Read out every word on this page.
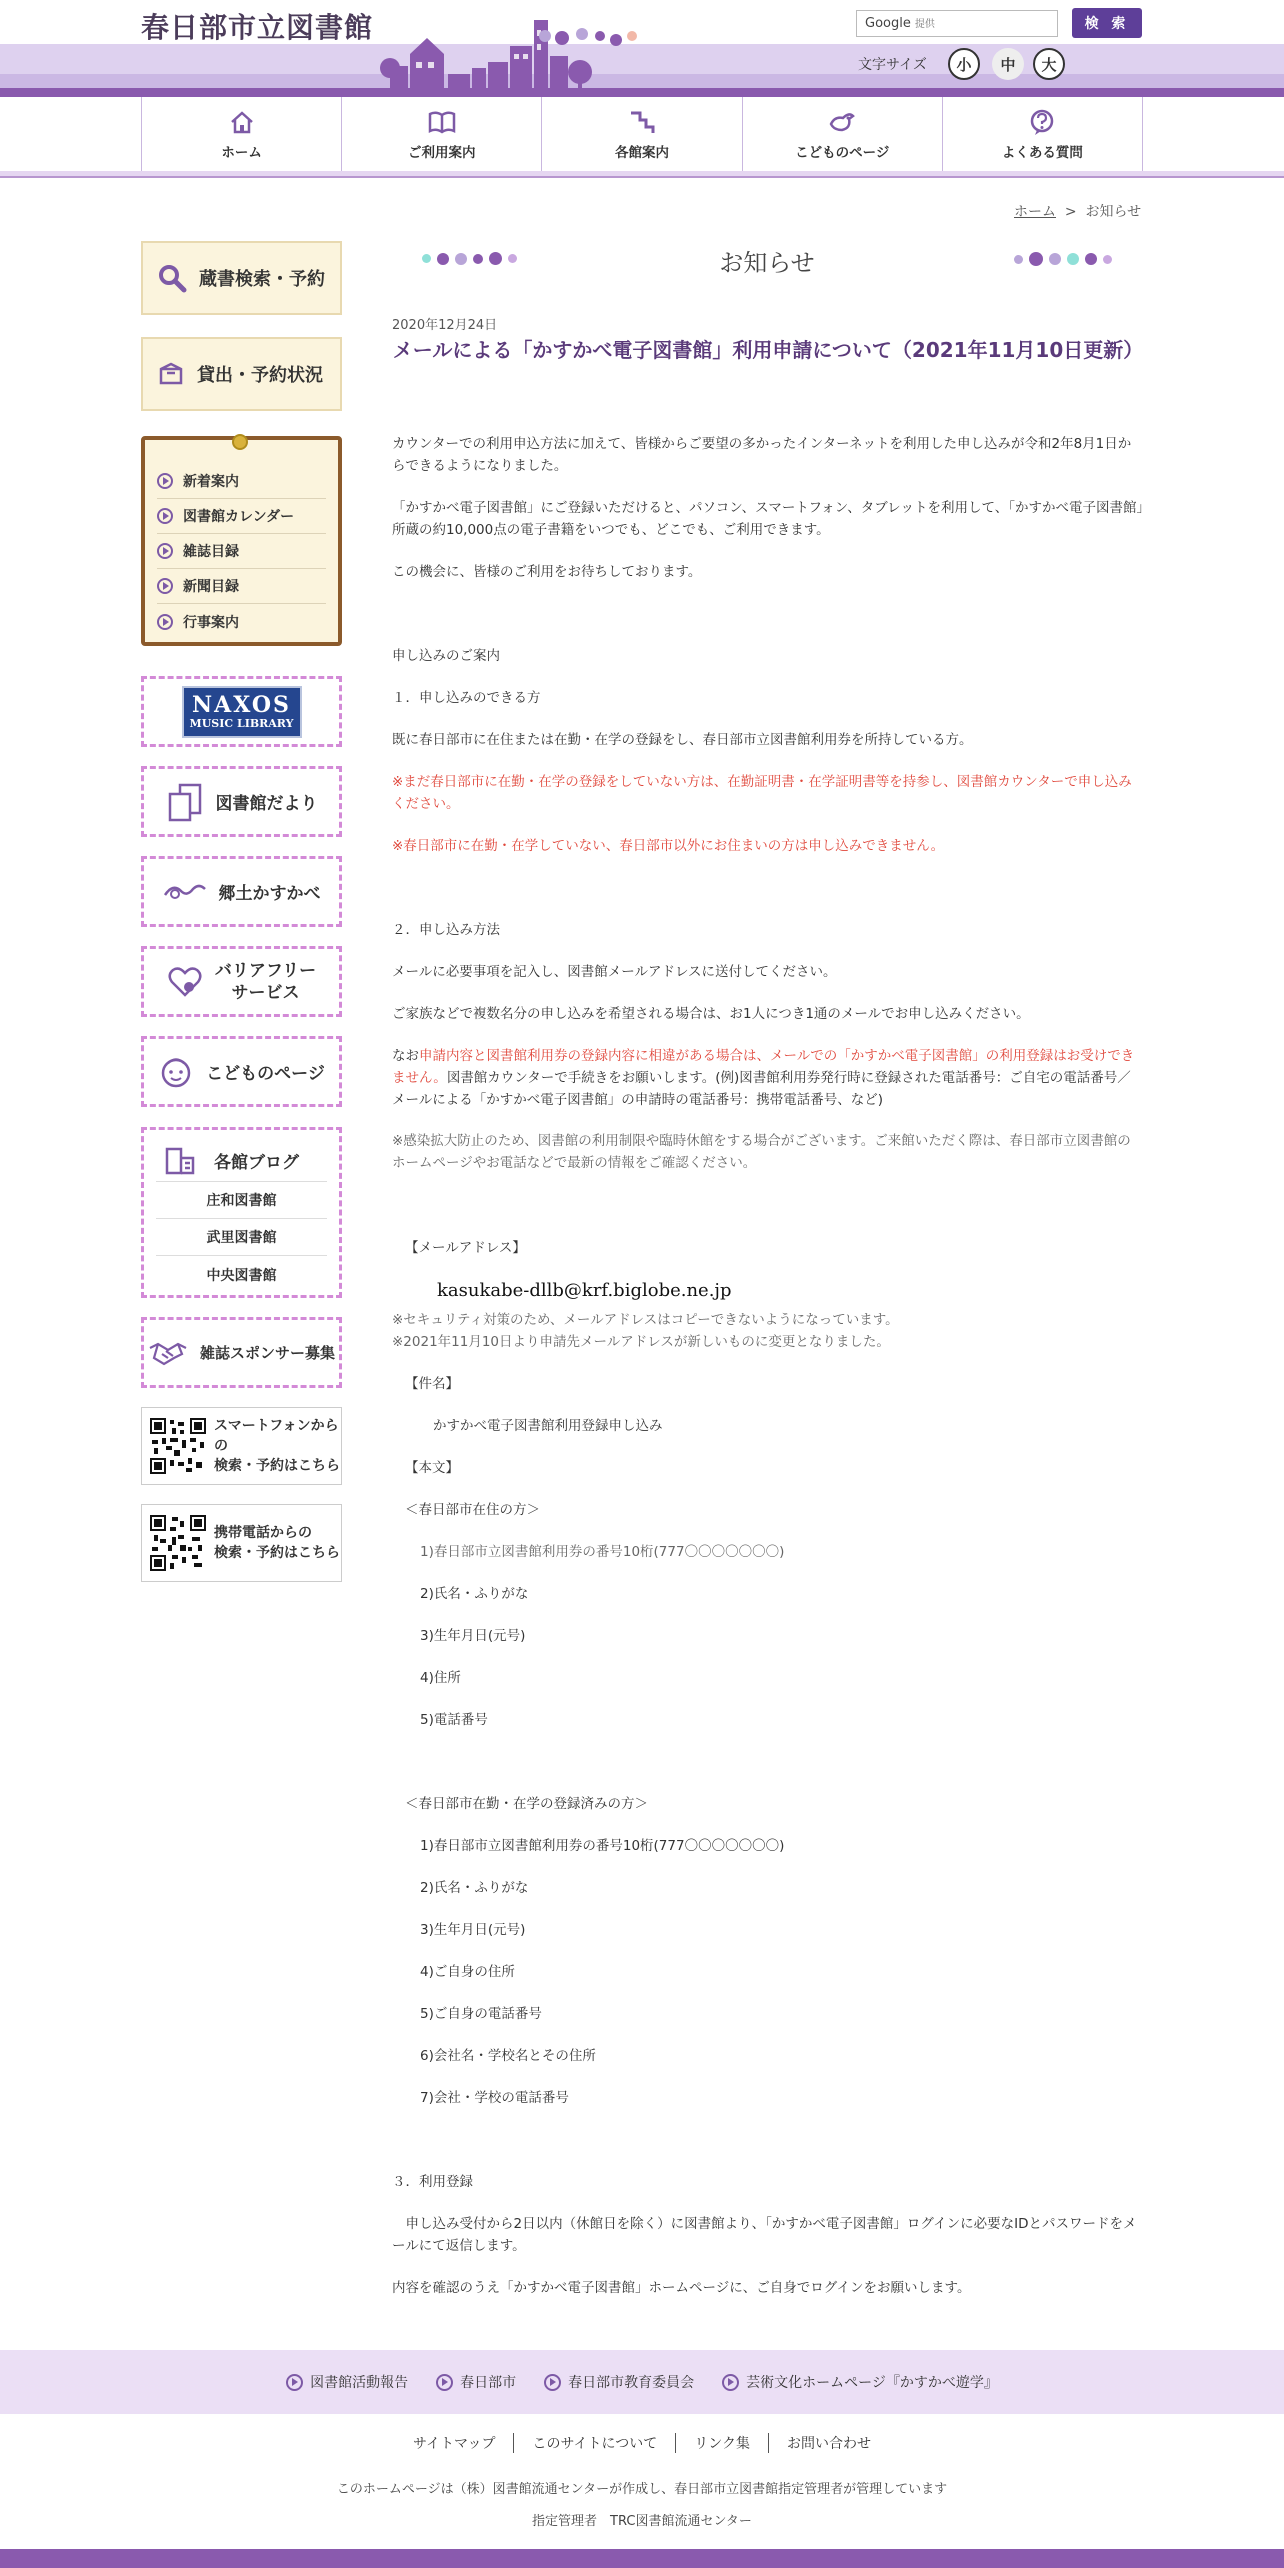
春日部市立図書館	Google 提供	検 索
文字サイズ	小	中	大
ホーム	ご利用案内	各館案内	こどものページ	よくある質問
ホーム > お知らせ
蔵書検索・予約
貸出・予約状況
新着案内
図書館カレンダー
雑誌目録
新聞目録
行事案内
NAXOS
MUSIC LIBRARY
図書館だより
郷土かすかべ
バリアフリー
サービス
こどものページ
各館ブログ
庄和図書館
武里図書館
中央図書館
雑誌スポンサー募集
スマートフォンからの
検索・予約はこちら
携帯電話からの
検索・予約はこちら
お知らせ
2020年12月24日
メールによる「かすかべ電子図書館」利用申請について（2021年11月10日更新）
カウンターでの利用申込方法に加えて、皆様からご要望の多かったインターネットを利用した申し込みが令和2年8月1日からできるようになりました。
「かすかべ電子図書館」にご登録いただけると、パソコン、スマートフォン、タブレットを利用して、「かすかべ電子図書館」所蔵の約10,000点の電子書籍をいつでも、どこでも、ご利用できます。
この機会に、皆様のご利用をお待ちしております。
申し込みのご案内
１．申し込みのできる方
既に春日部市に在住または在勤・在学の登録をし、春日部市立図書館利用券を所持している方。
※まだ春日部市に在勤・在学の登録をしていない方は、在勤証明書・在学証明書等を持参し、図書館カウンターで申し込みください。
※春日部市に在勤・在学していない、春日部市以外にお住まいの方は申し込みできません。
２．申し込み方法
メールに必要事項を記入し、図書館メールアドレスに送付してください。
ご家族などで複数名分の申し込みを希望される場合は、お1人につき1通のメールでお申し込みください。
なお申請内容と図書館利用券の登録内容に相違がある場合は、メールでの「かすかべ電子図書館」の利用登録はお受けできません。図書館カウンターで手続きをお願いします。(例)図書館利用券発行時に登録された電話番号：ご自宅の電話番号／メールによる「かすかべ電子図書館」の申請時の電話番号：携帯電話番号、など)
※感染拡大防止のため、図書館の利用制限や臨時休館をする場合がございます。ご来館いただく際は、春日部市立図書館のホームページやお電話などで最新の情報をご確認ください。
【メールアドレス】
kasukabe-dllb@krf.biglobe.ne.jp
※セキュリティ対策のため、メールアドレスはコピーできないようになっています。
※2021年11月10日より申請先メールアドレスが新しいものに変更となりました。
【件名】
かすかべ電子図書館利用登録申し込み
【本文】
＜春日部市在住の方＞
1)春日部市立図書館利用券の番号10桁(777〇〇〇〇〇〇〇)
2)氏名・ふりがな
3)生年月日(元号)
4)住所
5)電話番号
＜春日部市在勤・在学の登録済みの方＞
1)春日部市立図書館利用券の番号10桁(777〇〇〇〇〇〇〇)
2)氏名・ふりがな
3)生年月日(元号)
4)ご自身の住所
5)ご自身の電話番号
6)会社名・学校名とその住所
7)会社・学校の電話番号
３．利用登録
　申し込み受付から2日以内（休館日を除く）に図書館より、「かすかべ電子図書館」ログインに必要なIDとパスワードをメールにて返信します。
内容を確認のうえ「かすかべ電子図書館」ホームページに、ご自身でログインをお願いします。
図書館活動報告	春日部市	春日部市教育委員会	芸術文化ホームページ『かすかべ遊学』
サイトマップ	このサイトについて	リンク集	お問い合わせ
このホームページは（株）図書館流通センターが作成し、春日部市立図書館指定管理者が管理しています
指定管理者　TRC図書館流通センター
